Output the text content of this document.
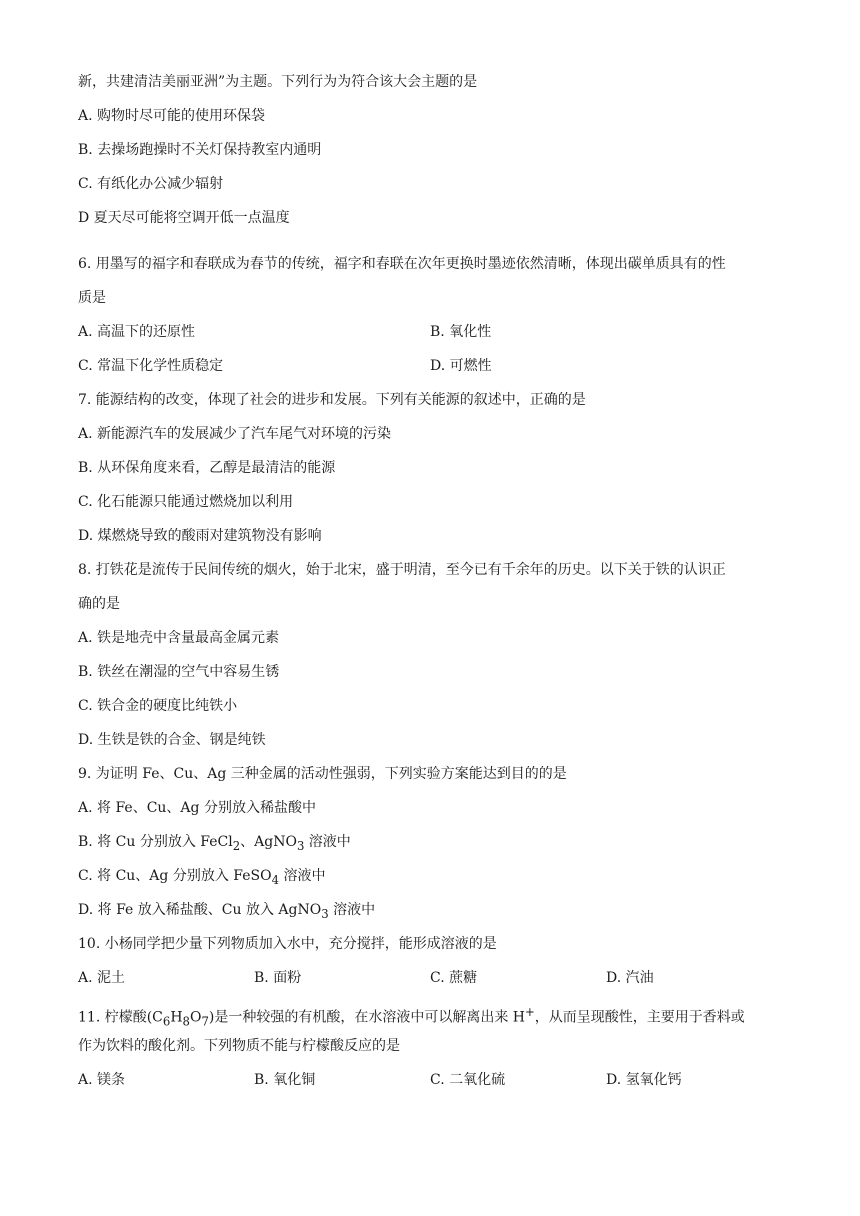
新，共建清洁美丽亚洲”为主题。下列行为为符合该大会主题的是
A. 购物时尽可能的使用环保袋
B. 去操场跑操时不关灯保持教室内通明
C. 有纸化办公减少辐射
D 夏天尽可能将空调开低一点温度
6. 用墨写的福字和春联成为春节的传统，福字和春联在次年更换时墨迹依然清晰，体现出碳单质具有的性
质是
A. 高温下的还原性	B. 氧化性
C. 常温下化学性质稳定	D. 可燃性
7. 能源结构的改变，体现了社会的进步和发展。下列有关能源的叙述中，正确的是
A. 新能源汽车的发展减少了汽车尾气对环境的污染
B. 从环保角度来看，乙醇是最清洁的能源
C. 化石能源只能通过燃烧加以利用
D. 煤燃烧导致的酸雨对建筑物没有影响
8. 打铁花是流传于民间传统的烟火，始于北宋，盛于明清，至今已有千余年的历史。以下关于铁的认识正
确的是
A. 铁是地壳中含量最高金属元素
B. 铁丝在潮湿的空气中容易生锈
C. 铁合金的硬度比纯铁小
D. 生铁是铁的合金、钢是纯铁
9. 为证明 Fe、Cu、Ag 三种金属的活动性强弱，下列实验方案能达到目的的是
A. 将 Fe、Cu、Ag 分别放入稀盐酸中
B. 将 Cu 分别放入 FeCl$_2$、AgNO$_3$ 溶液中
C. 将 Cu、Ag 分别放入 FeSO$_4$ 溶液中
D. 将 Fe 放入稀盐酸、Cu 放入 AgNO$_3$ 溶液中
10. 小杨同学把少量下列物质加入水中，充分搅拌，能形成溶液的是
A. 泥土	B. 面粉	C. 蔗糖	D. 汽油
11. 柠檬酸$(C_6H_8O_7)$是一种较强的有机酸，在水溶液中可以解离出来 H+，从而呈现酸性，主要用于香料或
作为饮料的酸化剂。下列物质不能与柠檬酸反应的是
A. 镁条	B. 氧化铜	C. 二氧化硫	D. 氢氧化钙
